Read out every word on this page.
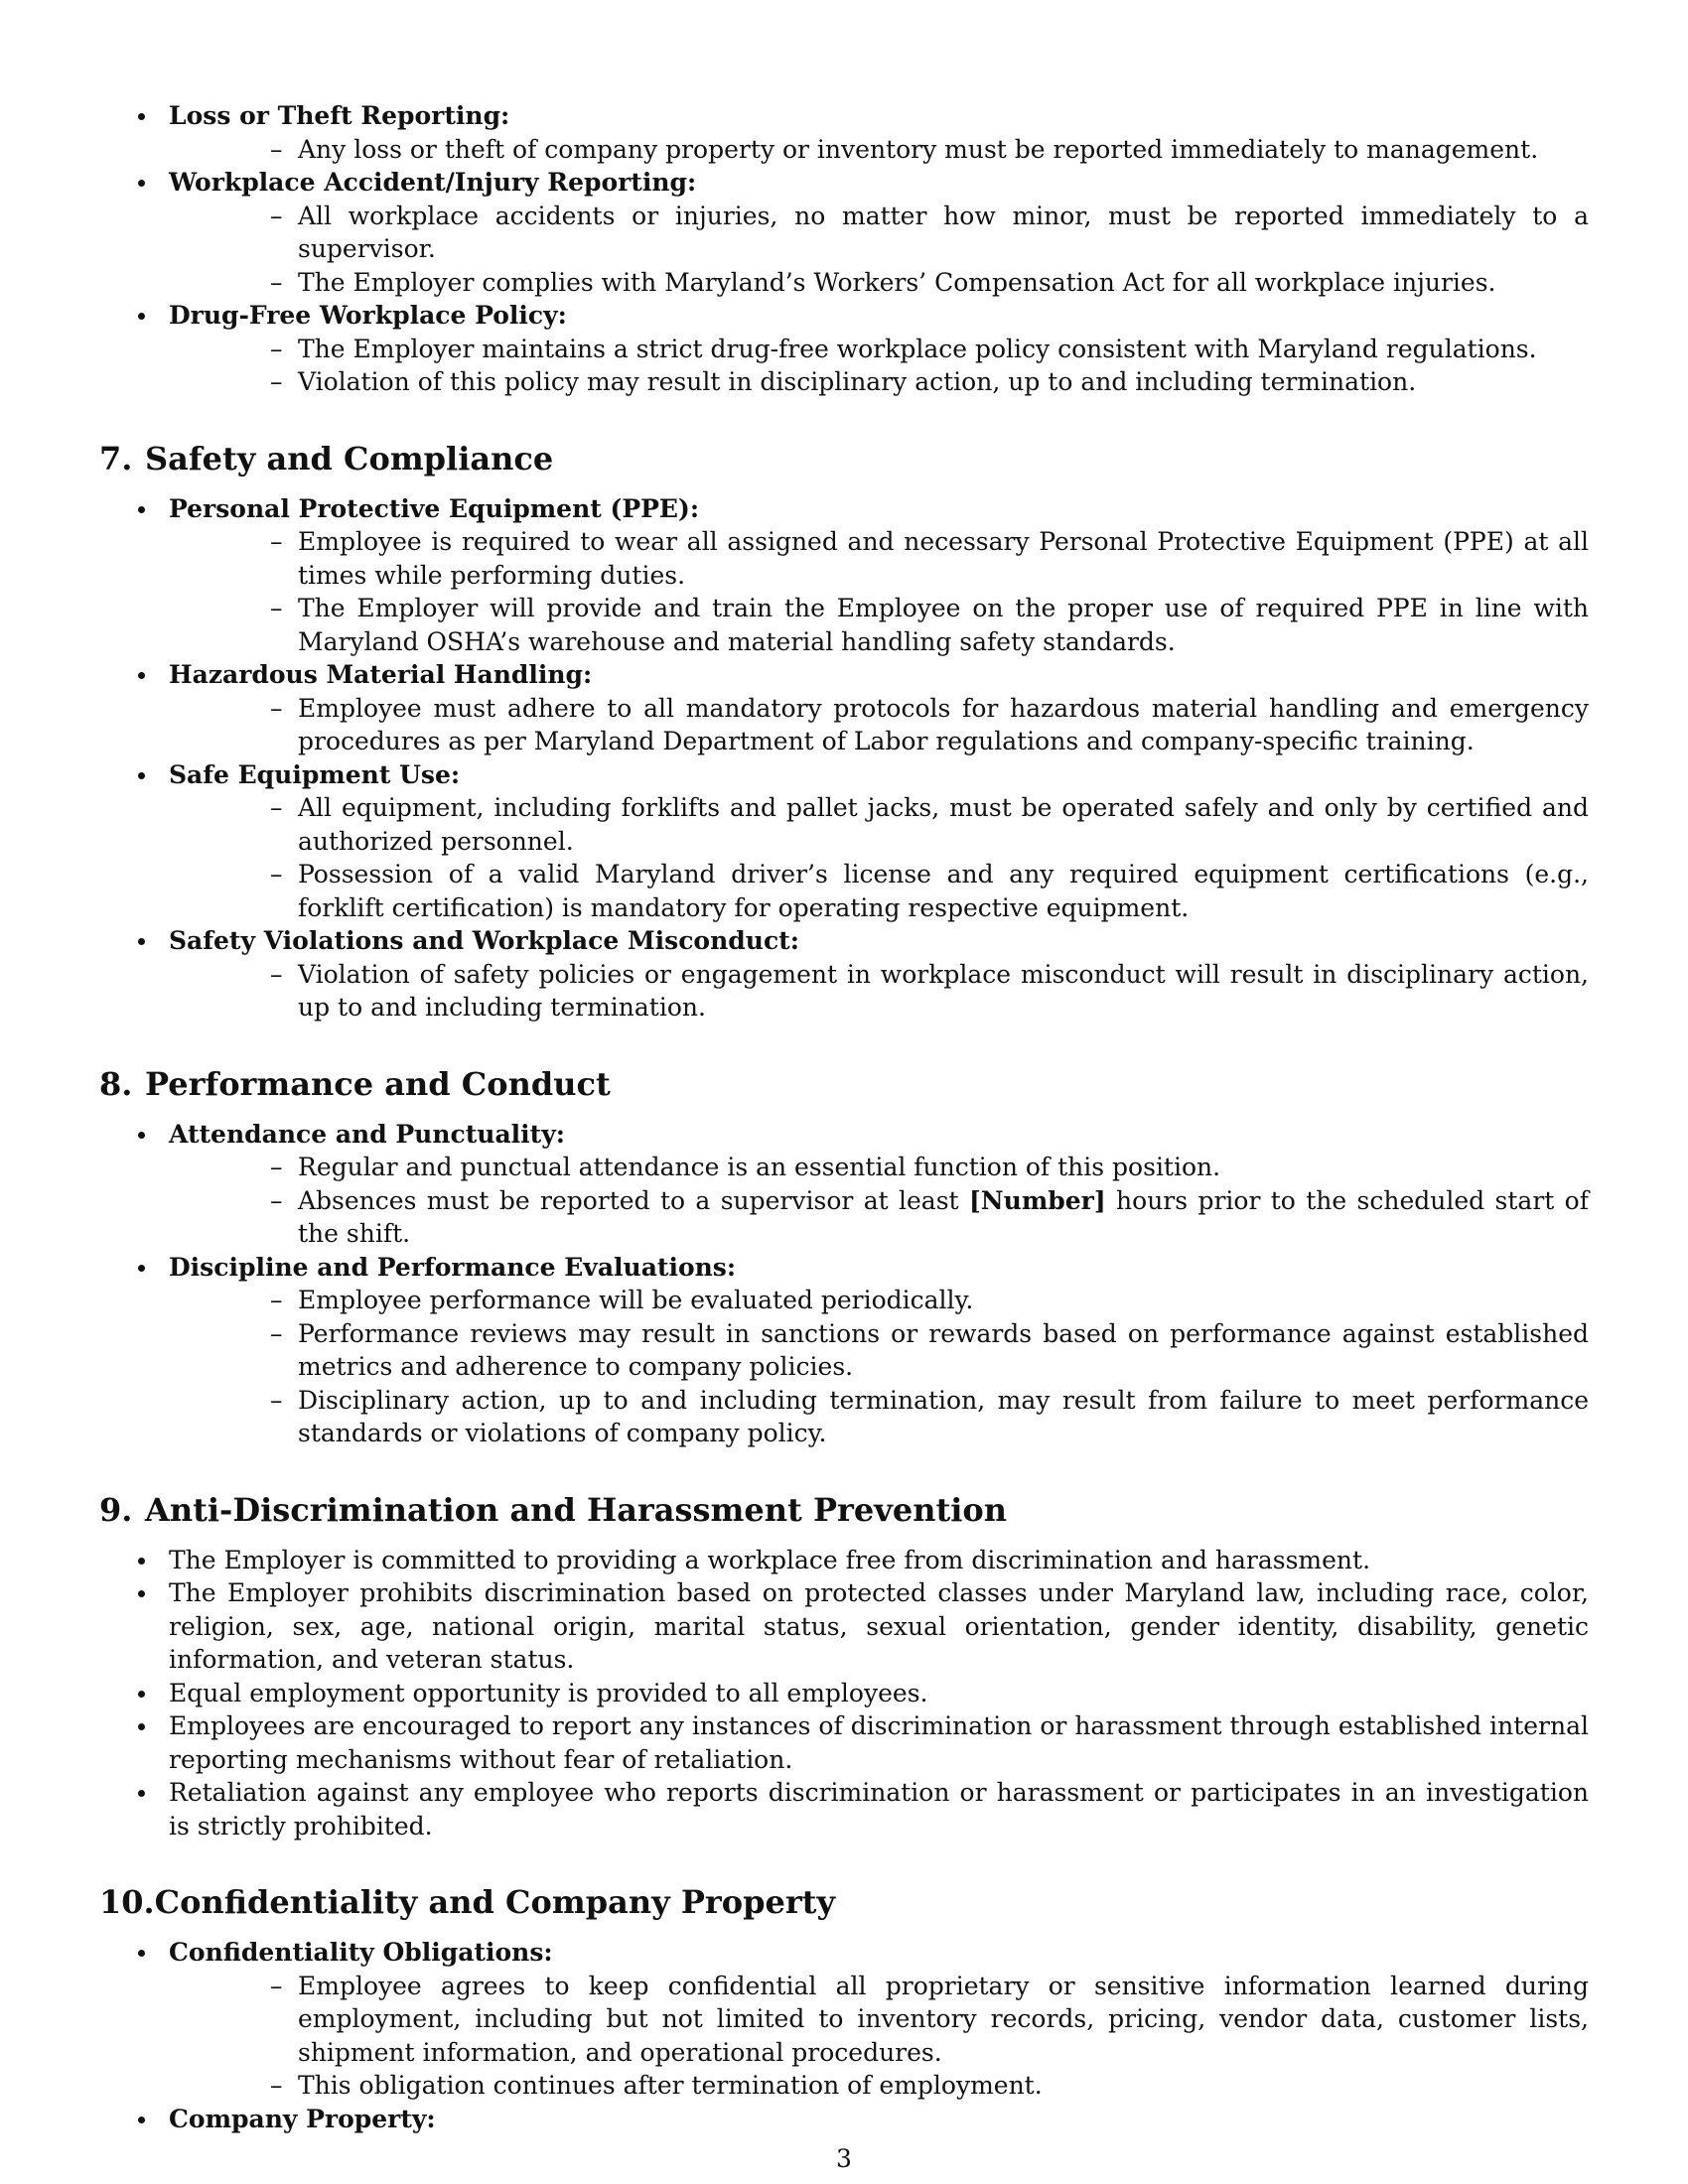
Loss or Theft Reporting:
– Any loss or theft of company property or inventory must be reported immediately to management.
Workplace Accident/Injury Reporting:
– All workplace accidents or injuries, no matter how minor, must be reported immediately to a supervisor.
– The Employer complies with Maryland’s Workers’ Compensation Act for all workplace injuries.
Drug-Free Workplace Policy:
– The Employer maintains a strict drug-free workplace policy consistent with Maryland regulations.
– Violation of this policy may result in disciplinary action, up to and including termination.
7. Safety and Compliance
Personal Protective Equipment (PPE):
– Employee is required to wear all assigned and necessary Personal Protective Equipment (PPE) at all times while performing duties.
– The Employer will provide and train the Employee on the proper use of required PPE in line with Maryland OSHA’s warehouse and material handling safety standards.
Hazardous Material Handling:
– Employee must adhere to all mandatory protocols for hazardous material handling and emergency procedures as per Maryland Department of Labor regulations and company-specific training.
Safe Equipment Use:
– All equipment, including forklifts and pallet jacks, must be operated safely and only by certified and authorized personnel.
– Possession of a valid Maryland driver’s license and any required equipment certifications (e.g., forklift certification) is mandatory for operating respective equipment.
Safety Violations and Workplace Misconduct:
– Violation of safety policies or engagement in workplace misconduct will result in disciplinary action, up to and including termination.
8. Performance and Conduct
Attendance and Punctuality:
– Regular and punctual attendance is an essential function of this position.
– Absences must be reported to a supervisor at least [Number] hours prior to the scheduled start of the shift.
Discipline and Performance Evaluations:
– Employee performance will be evaluated periodically.
– Performance reviews may result in sanctions or rewards based on performance against established metrics and adherence to company policies.
– Disciplinary action, up to and including termination, may result from failure to meet performance standards or violations of company policy.
9. Anti-Discrimination and Harassment Prevention
The Employer is committed to providing a workplace free from discrimination and harassment.
The Employer prohibits discrimination based on protected classes under Maryland law, including race, color, religion, sex, age, national origin, marital status, sexual orientation, gender identity, disability, genetic information, and veteran status.
Equal employment opportunity is provided to all employees.
Employees are encouraged to report any instances of discrimination or harassment through established internal reporting mechanisms without fear of retaliation.
Retaliation against any employee who reports discrimination or harassment or participates in an investigation is strictly prohibited.
10.Confidentiality and Company Property
Confidentiality Obligations:
– Employee agrees to keep confidential all proprietary or sensitive information learned during employment, including but not limited to inventory records, pricing, vendor data, customer lists, shipment information, and operational procedures.
– This obligation continues after termination of employment.
Company Property:
3
